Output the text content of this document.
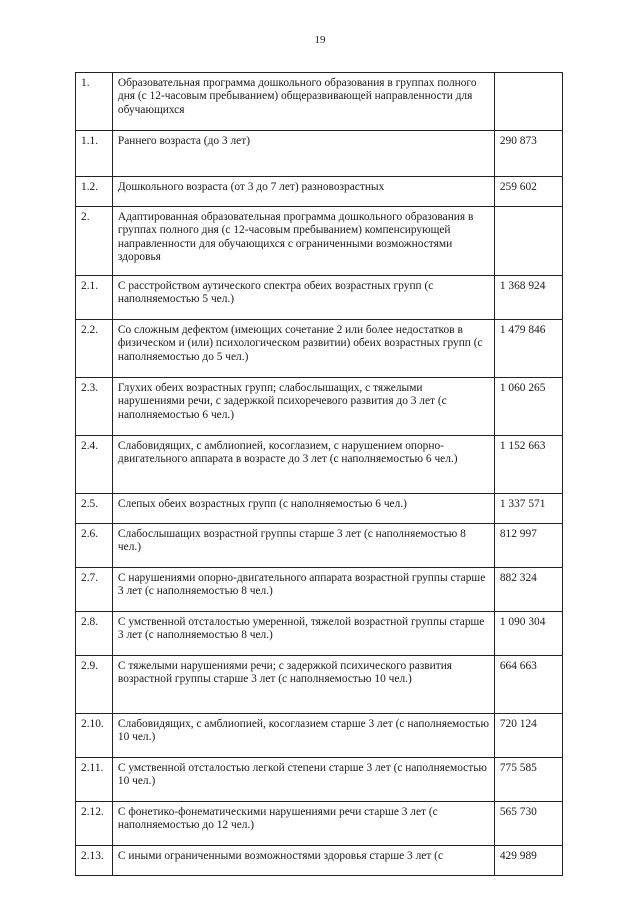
19
1.	Образовательная программа дошкольного образования в группах полного дня (с 12-часовым пребыванием) общеразвивающей направленности для обучающихся	
1.1.	Раннего возраста (до 3 лет)	290 873
1.2.	Дошкольного возраста (от 3 до 7 лет) разновозрастных	259 602
2.	Адаптированная образовательная программа дошкольного образования в группах полного дня (с 12-часовым пребыванием) компенсирующей направленности для обучающихся с ограниченными возможностями здоровья	
2.1.	С расстройством аутического спектра обеих возрастных групп (с наполняемостью 5 чел.)	1 368 924
2.2.	Со сложным дефектом (имеющих сочетание 2 или более недостатков в физическом и (или) психологическом развитии) обеих возрастных групп (с наполняемостью до 5 чел.)	1 479 846
2.3.	Глухих обеих возрастных групп; слабослышащих, с тяжелыми нарушениями речи, с задержкой психоречевого развития до 3 лет (с наполняемостью 6 чел.)	1 060 265
2.4.	Слабовидящих, с амблиопией, косоглазием, с нарушением опорно-двигательного аппарата в возрасте до 3 лет (с наполняемостью 6 чел.)	1 152 663
2.5.	Слепых обеих возрастных групп (с наполняемостью 6 чел.)	1 337 571
2.6.	Слабослышащих возрастной группы старше 3 лет (с наполняемостью 8 чел.)	812 997
2.7.	С нарушениями опорно-двигательного аппарата возрастной группы старше 3 лет (с наполняемостью 8 чел.)	882 324
2.8.	С умственной отсталостью умеренной, тяжелой возрастной группы старше 3 лет (с наполняемостью 8 чел.)	1 090 304
2.9.	С тяжелыми нарушениями речи; с задержкой психического развития возрастной группы старше 3 лет (с наполняемостью 10 чел.)	664 663
2.10.	Слабовидящих, с амблиопией, косоглазием старше 3 лет (с наполняемостью 10 чел.)	720 124
2.11.	С умственной отсталостью легкой степени старше 3 лет (с наполняемостью 10 чел.)	775 585
2.12.	С фонетико-фонематическими нарушениями речи старше 3 лет (с наполняемостью до 12 чел.)	565 730
2.13.	С иными ограниченными возможностями здоровья старше 3 лет (с	429 989
